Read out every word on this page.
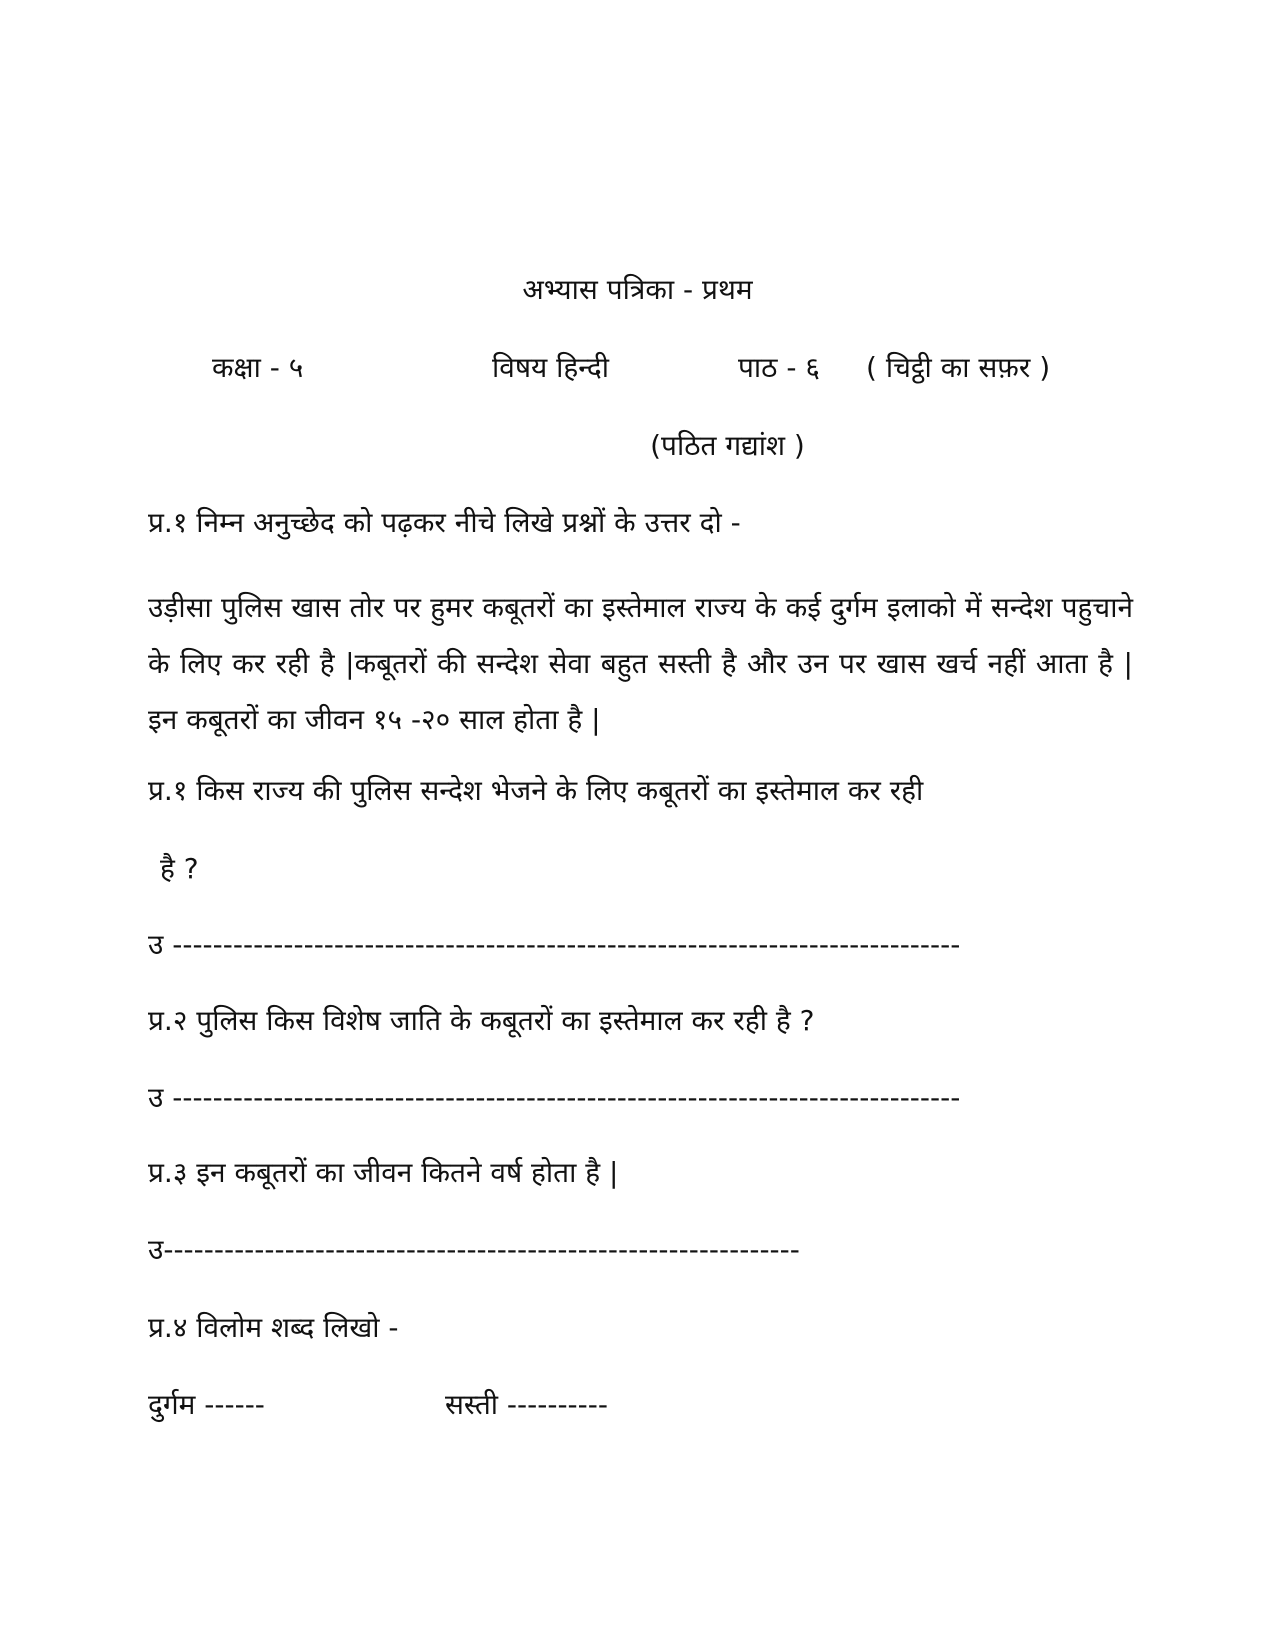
अभ्यास पत्रिका - प्रथम
कक्षा - ५	विषय हिन्दी	पाठ - ६ ( चिट्ठी का सफ़र )
(पठित गद्यांश )
प्र.१ निम्न अनुच्छेद को पढ़कर नीचे लिखे प्रश्नों के उत्तर दो -
उड़ीसा पुलिस खास तोर पर हुमर कबूतरों का इस्तेमाल राज्य के कई दुर्गम इलाको में सन्देश पहुचाने के लिए कर रही है |कबूतरों की सन्देश सेवा बहुत सस्ती है और उन पर खास खर्च नहीं आता है | इन कबूतरों का जीवन १५ -२० साल होता है |
प्र.१ किस राज्य की पुलिस सन्देश भेजने के लिए कबूतरों का इस्तेमाल कर रही
है ?
उ ------------------------------------------------------------------------------
प्र.२ पुलिस किस विशेष जाति के कबूतरों का इस्तेमाल कर रही है ?
उ ------------------------------------------------------------------------------
प्र.३ इन कबूतरों का जीवन कितने वर्ष होता है |
उ---------------------------------------------------------------
प्र.४ विलोम शब्द लिखो -
दुर्गम ------	सस्ती ----------
